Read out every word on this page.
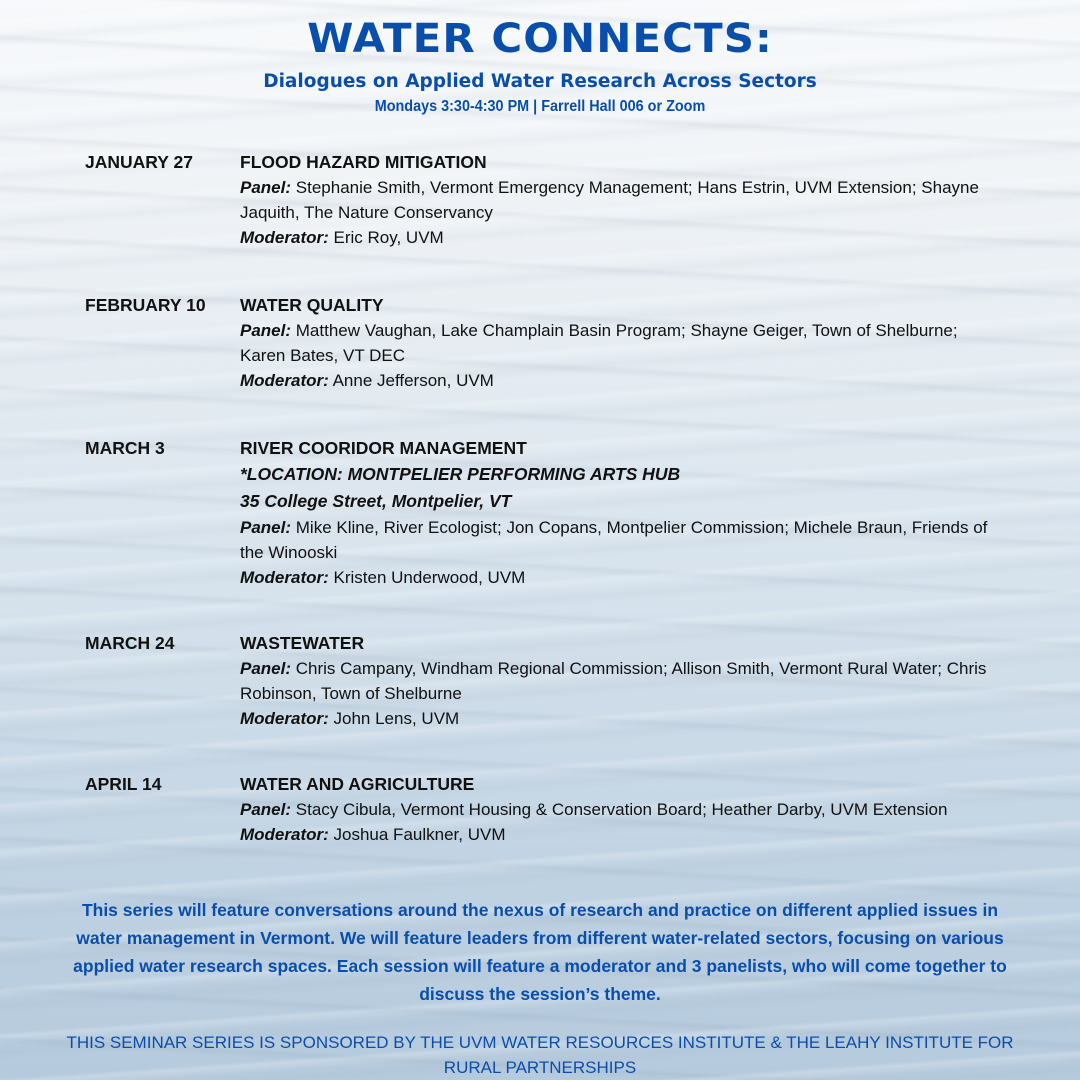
WATER CONNECTS:
Dialogues on Applied Water Research Across Sectors
Mondays 3:30-4:30 PM | Farrell Hall 006 or Zoom
JANUARY 27	FLOOD HAZARD MITIGATION
Panel: Stephanie Smith, Vermont Emergency Management; Hans Estrin, UVM Extension; Shayne Jaquith, The Nature Conservancy
Moderator: Eric Roy, UVM
FEBRUARY 10 WATER QUALITY
Panel: Matthew Vaughan, Lake Champlain Basin Program; Shayne Geiger, Town of Shelburne; Karen Bates, VT DEC
Moderator: Anne Jefferson, UVM
MARCH 3	RIVER COORIDOR MANAGEMENT
*LOCATION: MONTPELIER PERFORMING ARTS HUB
35 College Street, Montpelier, VT
Panel: Mike Kline, River Ecologist; Jon Copans, Montpelier Commission; Michele Braun, Friends of the Winooski
Moderator: Kristen Underwood, UVM
MARCH 24	WASTEWATER
Panel: Chris Campany, Windham Regional Commission; Allison Smith, Vermont Rural Water; Chris Robinson, Town of Shelburne
Moderator: John Lens, UVM
APRIL 14	WATER AND AGRICULTURE
Panel: Stacy Cibula, Vermont Housing & Conservation Board; Heather Darby, UVM Extension
Moderator: Joshua Faulkner, UVM
This series will feature conversations around the nexus of research and practice on different applied issues in water management in Vermont. We will feature leaders from different water-related sectors, focusing on various applied water research spaces. Each session will feature a moderator and 3 panelists, who will come together to discuss the session’s theme.
THIS SEMINAR SERIES IS SPONSORED BY THE UVM WATER RESOURCES INSTITUTE & THE LEAHY INSTITUTE FOR RURAL PARTNERSHIPS
